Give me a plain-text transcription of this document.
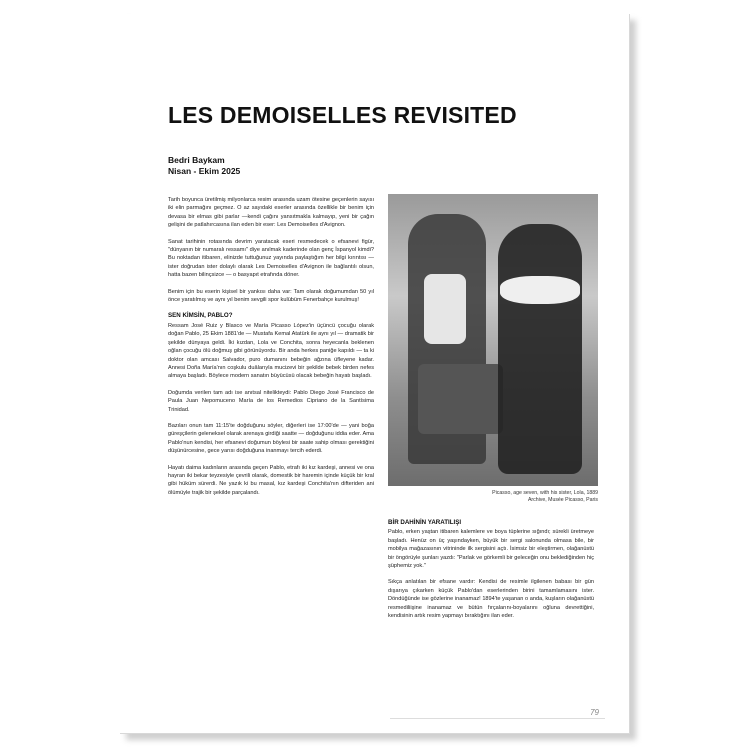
LES DEMOISELLES REVISITED
Bedri Baykam
Nisan - Ekim 2025

Tarih boyunca üretilmiş milyonlarca resim arasında uzam ötesine geçenlerin sayısı iki elin parmağını geçmez. O az sayıdaki eserler arasında özellikle bir benim için devasa bir elmas gibi parlar —kendi çağını yansıtmakla kalmayıp, yeni bir çağın gelişini de patlahırcasına ilan eden bir eser: Les Demoiselles d'Avignon.

Sanat tarihinin rotasında devrim yaratacak eseri resmedecek o efsanevi figür, "dünyanın bir numaralı ressamı" diye anılmak kaderinde olan genç İspanyol kimdi? Bu noktadan itibaren, elinizde tuttuğunuz yayında paylaştığım her bilgi kırıntısı — ister doğrudan ister dolaylı olarak Les Demoiselles d'Avignon ile bağlantılı olsun, hatta bazen bilinçsizce — o basyapıt etrafında döner.

Benim için bu eserin kişisel bir yankısı daha var: Tam olarak doğumumdan 50 yıl önce yaratılmış ve aynı yıl benim sevgili spor kulübüm Fenerbahçe kurulmuş!

SEN KİMSİN, PABLO?

Ressam José Ruiz y Blasco ve María Picasso López'in üçüncü çocuğu olarak doğan Pablo, 25 Ekim 1881'de — Mustafa Kemal Atatürk ile aynı yıl — dramatik bir şekilde dünyaya geldi. İki kızdan, Lola ve Conchita, sonra heyecanla beklenen oğlan çocuğu ölü doğmuş gibi görünüyordu. Bir anda herkes paniğe kapıldı — ta ki doktor olan amcası Salvador, puro dumanını bebeğin ağzına üfleyene kadar. Annesi Doña María'nın coşkulu duâlarıyla mucizevi bir şekilde bebek birden nefes almaya başladı. Böylece modern sanatın büyücüsü olacak bebeğin hayatı başladı.

Doğumda verilen tam adı ise anıtsal nitelikteydi: Pablo Diego José Francisco de Paula Juan Nepomuceno María de los Remedios Cipriano de la Santísima Trinidad.

Bazıları onun tam 11:15'te doğduğunu söyler, diğerleri ise 17:00'de — yani boğa güreşçilerin geleneksel olarak arenaya girdiği saatte — doğduğunu iddia eder. Ama Pablo'nun kendisi, her efsanevi doğumun böylesi bir saate sahip olması gerektiğini düşünürcesine, gece yarısı doğduğuna inanmayı tercih ederdi.

Hayatı daima kadınların arasında geçen Pablo, etrafı iki kız kardeşi, annesi ve ona hayran iki bekar teyzesiyle çevrili olarak, domestik bir haremin içinde küçük bir kral gibi hüküm sürerdi. Ne yazık ki bu masal, kız kardeşi Conchita'nın difteriden ani ölümüyle trajik bir şekilde parçalandı.	Picasso, age seven, with his sister, Lola, 1889
Archive, Musée Picasso, Paris
BİR DAHİNİN YARATILIŞI

Pablo, erken yaştan itibaren kalemlere ve boya tüplerine sığındı; sürekli üretmeye başladı. Henüz on üç yaşındayken, büyük bir sergi salonunda olmasa bile, bir mobilya mağazasının vitrininde ilk sergisini açtı. İsimsiz bir eleştirmen, olağanüstü bir öngörüyle şunları yazdı: "Parlak ve görkemli bir geleceğin onu beklediğinden hiç şüphemiz yok."

Sıkça anlatılan bir efsane vardır: Kendisi de resimle ilgilenen babası bir gün dışarıya çıkarken küçük Pablo'dan eserlerinden birini tamamlamasını ister. Döndüğünde ise gözlerine inanamaz! 1894'te yaşanan o anda, kuşların olağanüstü resmediliişine inanamaz ve bütün fırçalarını-boyalarını oğluna devrettiğini, kendisinin artık resim yapmayı bıraktığını ilan eder.

79
